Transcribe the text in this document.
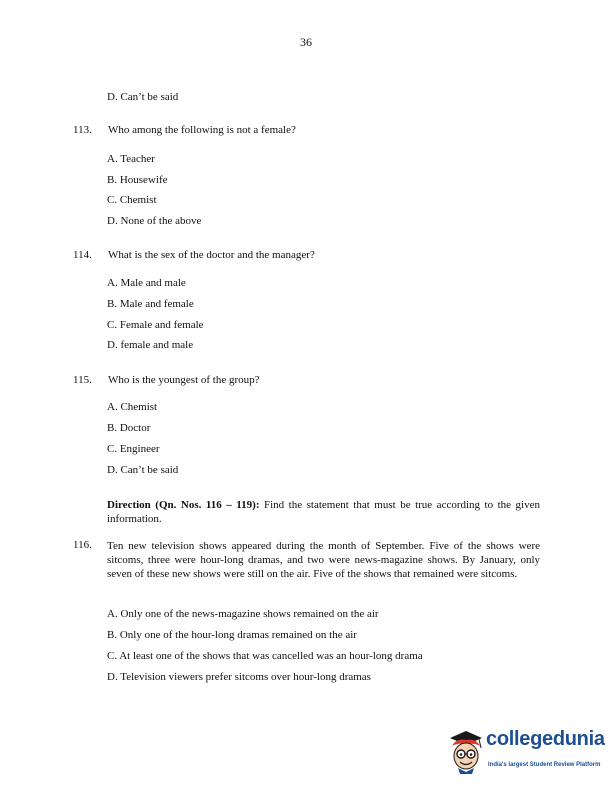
36
D. Can’t be said
113. Who among the following is not a female?
A. Teacher
B. Housewife
C. Chemist
D. None of the above
114. What is the sex of the doctor and the manager?
A. Male and male
B. Male and female
C. Female and female
D. female and male
115. Who is the youngest of the group?
A. Chemist
B. Doctor
C. Engineer
D. Can’t be said
Direction (Qn. Nos. 116 – 119): Find the statement that must be true according to the given information.
116. Ten new television shows appeared during the month of September. Five of the shows were sitcoms, three were hour-long dramas, and two were news-magazine shows. By January, only seven of these new shows were still on the air. Five of the shows that remained were sitcoms.
A. Only one of the news-magazine shows remained on the air
B. Only one of the hour-long dramas remained on the air
C. At least one of the shows that was cancelled was an hour-long drama
D. Television viewers prefer sitcoms over hour-long dramas
collegedunia
India's largest Student Review Platform
